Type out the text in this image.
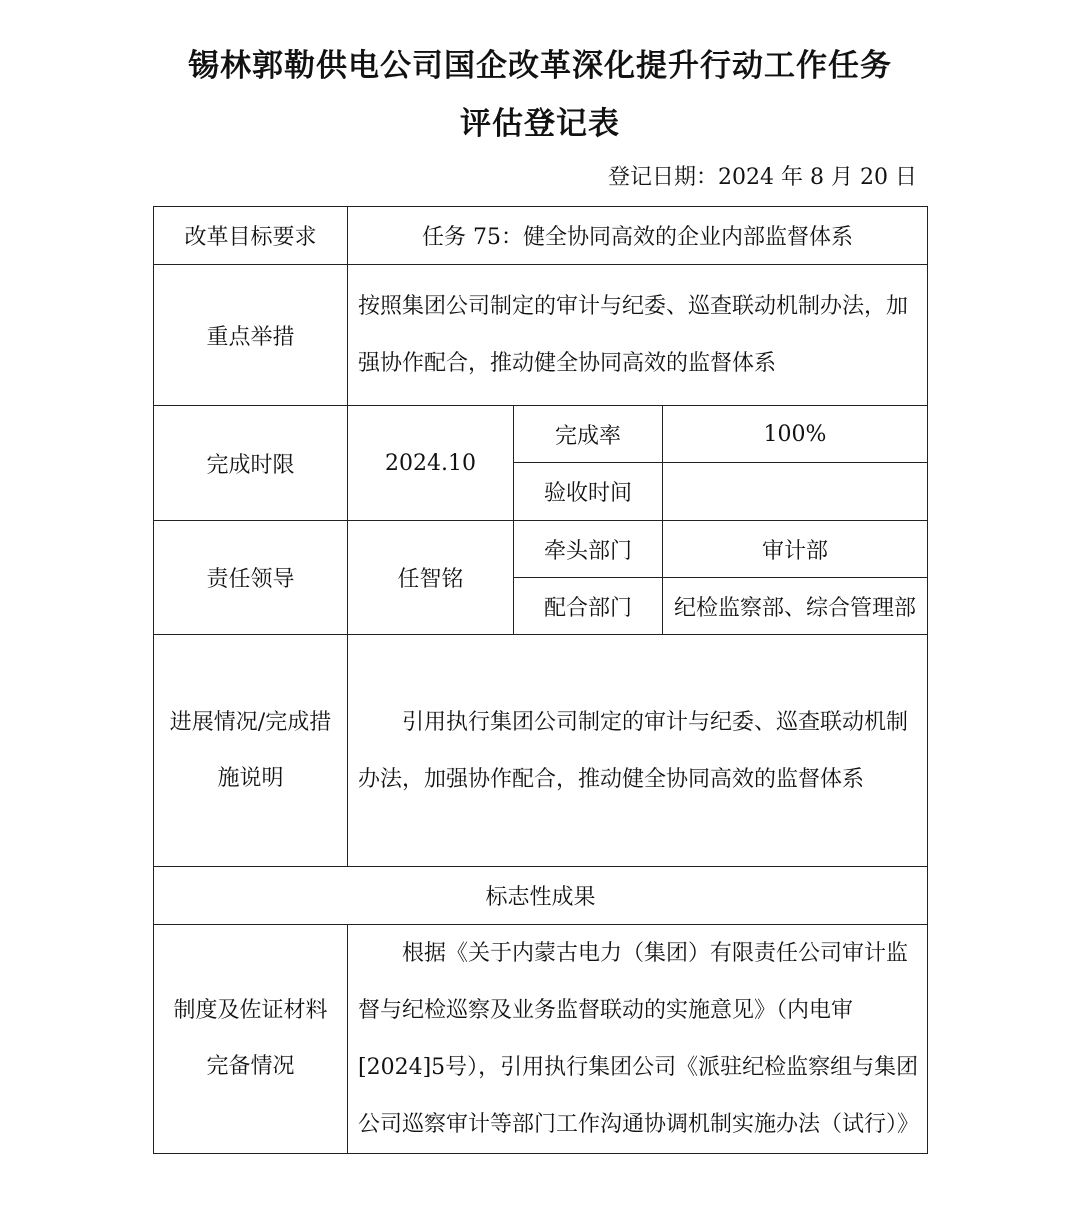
锡林郭勒供电公司国企改革深化提升行动工作任务
评估登记表
登记日期：2024 年 8 月 20 日
改革目标要求	任务 75：健全协同高效的企业内部监督体系		
重点举措	按照集团公司制定的审计与纪委、巡查联动机制办法，加强协作配合，推动健全协同高效的监督体系		
完成时限	2024.10	完成率	100%
		验收时间	
责任领导	任智铭	牵头部门	审计部
		配合部门	纪检监察部、综合管理部

进展情况/完成措
施说明	引用执行集团公司制定的审计与纪委、巡查联动机制办法，加强协作配合，推动健全协同高效的监督体系		
标志性成果			

制度及佐证材料
完备情况	根据《关于内蒙古电力（集团）有限责任公司审计监督与纪检巡察及业务监督联动的实施意见》（内电审[2024]5号），引用执行集团公司《派驻纪检监察组与集团公司巡察审计等部门工作沟通协调机制实施办法（试行）》		
